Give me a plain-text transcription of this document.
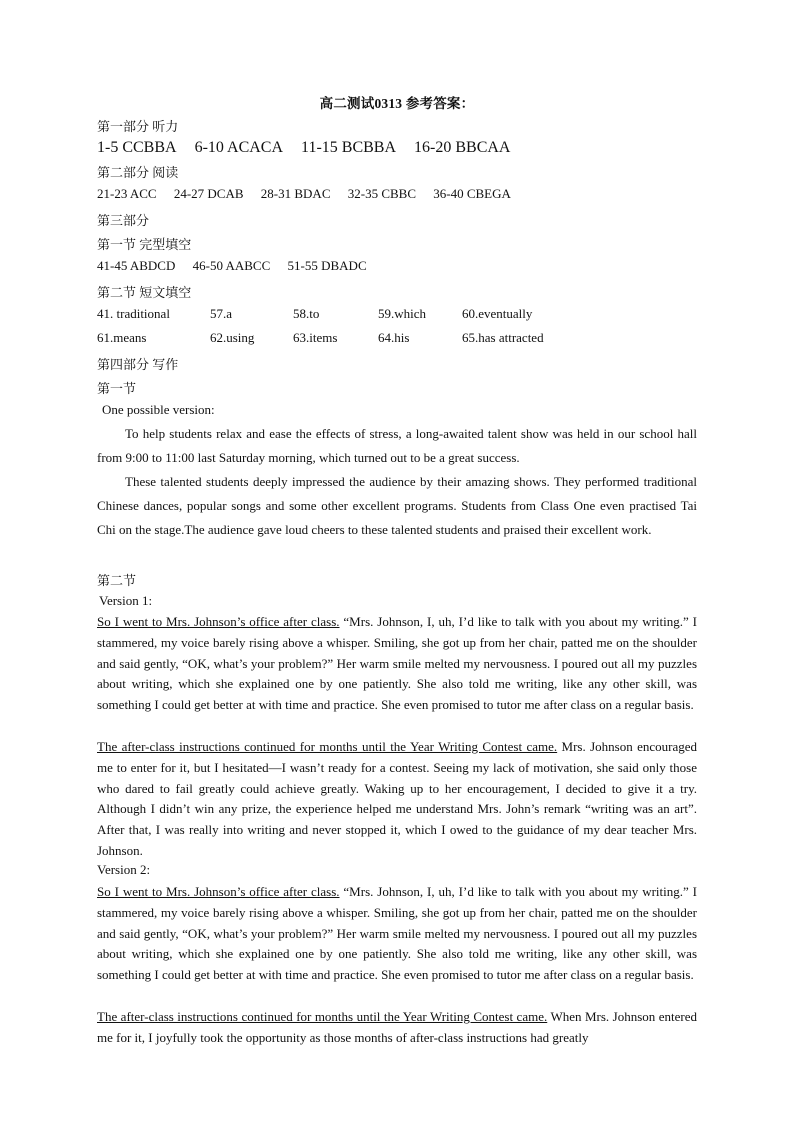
高二测试0313 参考答案：
第一部分 听力
1-5 CCBBA 6-10 ACACA 11-15 BCBBA 16-20 BBCAA
第二部分 阅读
21-23 ACC 24-27 DCAB 28-31 BDAC 32-35 CBBC 36-40 CBEGA
第三部分
第一节 完型填空
41-45 ABDCD 46-50 AABCC 51-55 DBADC
第二节 短文填空
41. traditional	57.a	58.to	59.which	60.eventually
61.means	62.using	63.items	64.his	65.has attracted
第四部分 写作
第一节
One possible version:
To help students relax and ease the effects of stress, a long-awaited talent show was held in our school hall from 9:00 to 11:00 last Saturday morning, which turned out to be a great success.
These talented students deeply impressed the audience by their amazing shows. They performed traditional Chinese dances, popular songs and some other excellent programs. Students from Class One even practised Tai Chi on the stage.The audience gave loud cheers to these talented students and praised their excellent work.
第二节
Version 1:
So I went to Mrs. Johnson’s office after class. “Mrs. Johnson, I, uh, I’d like to talk with you about my writing.” I stammered, my voice barely rising above a whisper. Smiling, she got up from her chair, patted me on the shoulder and said gently, “OK, what’s your problem?” Her warm smile melted my nervousness. I poured out all my puzzles about writing, which she explained one by one patiently. She also told me writing, like any other skill, was something I could get better at with time and practice. She even promised to tutor me after class on a regular basis.
The after-class instructions continued for months until the Year Writing Contest came. Mrs. Johnson encouraged me to enter for it, but I hesitated—I wasn’t ready for a contest. Seeing my lack of motivation, she said only those who dared to fail greatly could achieve greatly. Waking up to her encouragement, I decided to give it a try. Although I didn’t win any prize, the experience helped me understand Mrs. John’s remark “writing was an art”. After that, I was really into writing and never stopped it, which I owed to the guidance of my dear teacher Mrs. Johnson.
Version 2:
So I went to Mrs. Johnson’s office after class. “Mrs. Johnson, I, uh, I’d like to talk with you about my writing.” I stammered, my voice barely rising above a whisper. Smiling, she got up from her chair, patted me on the shoulder and said gently, “OK, what’s your problem?” Her warm smile melted my nervousness. I poured out all my puzzles about writing, which she explained one by one patiently. She also told me writing, like any other skill, was something I could get better at with time and practice. She even promised to tutor me after class on a regular basis.
The after-class instructions continued for months until the Year Writing Contest came. When Mrs. Johnson entered me for it, I joyfully took the opportunity as those months of after-class instructions had greatly
